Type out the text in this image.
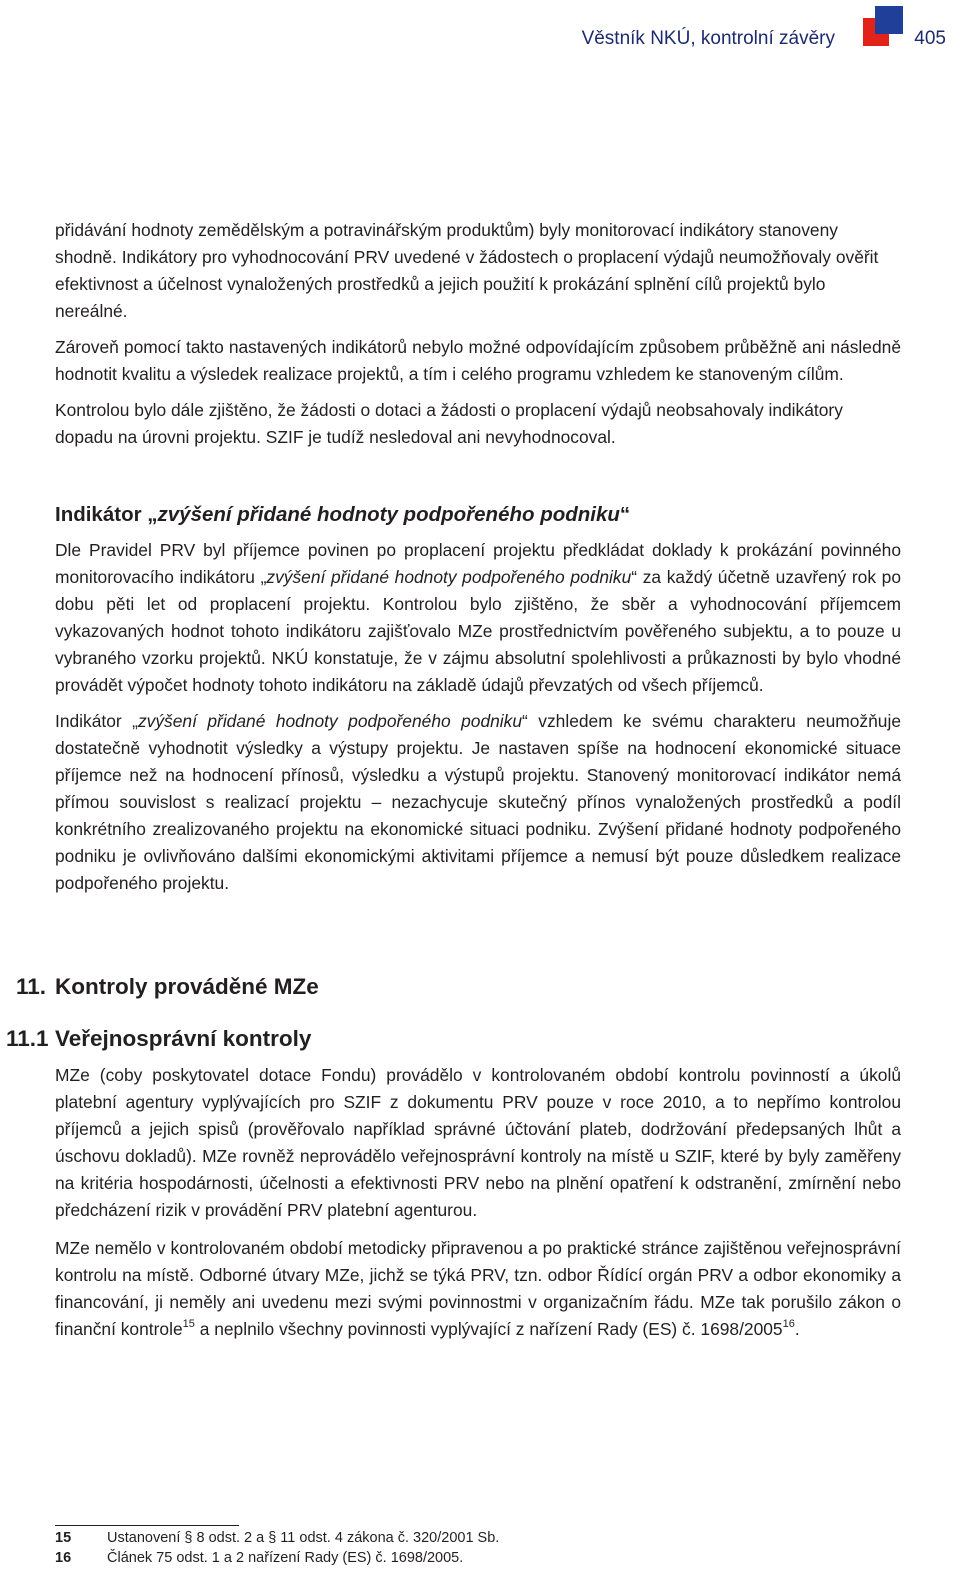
Věstník NKÚ, kontrolní závěry	405

přidávání hodnoty zemědělským a potravinářským produktům) byly monitorovací indikátory stanoveny shodně. Indikátory pro vyhodnocování PRV uvedené v žádostech o proplacení výdajů neumožňovaly ověřit efektivnost a účelnost vynaložených prostředků a jejich použití k prokázání splnění cílů projektů bylo nereálné.

Zároveň pomocí takto nastavených indikátorů nebylo možné odpovídajícím způsobem průběžně ani následně hodnotit kvalitu a výsledek realizace projektů, a tím i celého programu vzhledem ke stanoveným cílům.

Kontrolou bylo dále zjištěno, že žádosti o dotaci a žádosti o proplacení výdajů neobsahovaly indikátory dopadu na úrovni projektu. SZIF je tudíž nesledoval ani nevyhodnocoval.

Indikátor „zvýšení přidané hodnoty podpořeného podniku“

Dle Pravidel PRV byl příjemce povinen po proplacení projektu předkládat doklady k prokázání povinného monitorovacího indikátoru „zvýšení přidané hodnoty podpořeného podniku“ za každý účetně uzavřený rok po dobu pěti let od proplacení projektu. Kontrolou bylo zjištěno, že sběr a vyhodnocování příjemcem vykazovaných hodnot tohoto indikátoru zajišťovalo MZe prostřednictvím pověřeného subjektu, a to pouze u vybraného vzorku projektů. NKÚ konstatuje, že v zájmu absolutní spolehlivosti a průkaznosti by bylo vhodné provádět výpočet hodnoty tohoto indikátoru na základě údajů převzatých od všech příjemců.

Indikátor „zvýšení přidané hodnoty podpořeného podniku“ vzhledem ke svému charakteru neumožňuje dostatečně vyhodnotit výsledky a výstupy projektu. Je nastaven spíše na hodnocení ekonomické situace příjemce než na hodnocení přínosů, výsledku a výstupů projektu. Stanovený monitorovací indikátor nemá přímou souvislost s realizací projektu – nezachycuje skutečný přínos vynaložených prostředků a podíl konkrétního zrealizovaného projektu na ekonomické situaci podniku. Zvýšení přidané hodnoty podpořeného podniku je ovlivňováno dalšími ekonomickými aktivitami příjemce a nemusí být pouze důsledkem realizace podpořeného projektu.

11. Kontroly prováděné MZe
11.1 Veřejnosprávní kontroly

MZe (coby poskytovatel dotace Fondu) provádělo v kontrolovaném období kontrolu povinností a úkolů platební agentury vyplývajících pro SZIF z dokumentu PRV pouze v roce 2010, a to nepřímo kontrolou příjemců a jejich spisů (prověřovalo například správné účtování plateb, dodržování předepsaných lhůt a úschovu dokladů). MZe rovněž neprovádělo veřejnosprávní kontroly na místě u SZIF, které by byly zaměřeny na kritéria hospodárnosti, účelnosti a efektivnosti PRV nebo na plnění opatření k odstranění, zmírnění nebo předcházení rizik v provádění PRV platební agenturou.

MZe nemělo v kontrolovaném období metodicky připravenou a po praktické stránce zajištěnou veřejnosprávní kontrolu na místě. Odborné útvary MZe, jichž se týká PRV, tzn. odbor Řídící orgán PRV a odbor ekonomiky a financování, ji neměly ani uvedenu mezi svými povinnostmi v organizačním řádu. MZe tak porušilo zákon o finanční kontrole$^{15}$ a neplnilo všechny povinnosti vyplývající z nařízení Rady (ES) č. 1698/2005$^{16}$.

15 Ustanovení § 8 odst. 2 a § 11 odst. 4 zákona č. 320/2001 Sb.
16 Článek 75 odst. 1 a 2 nařízení Rady (ES) č. 1698/2005.
